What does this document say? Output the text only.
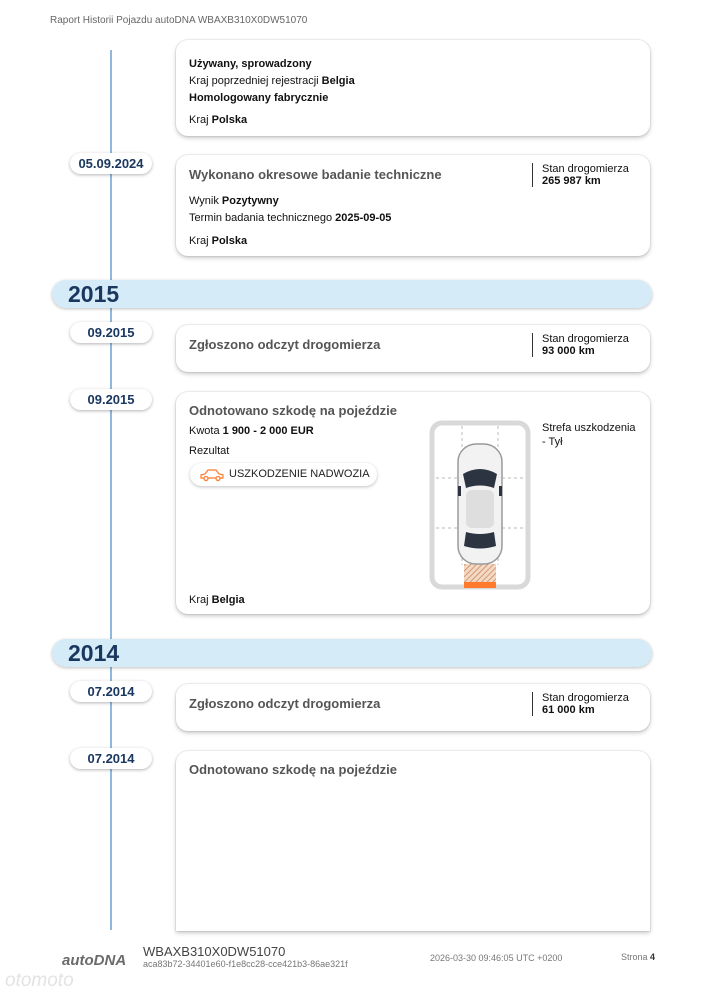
Raport Historii Pojazdu autoDNA WBAXB310X0DW51070
Używany, sprowadzony
Kraj poprzedniej rejestracji Belgia
Homologowany fabrycznie
Kraj Polska
05.09.2024
Wykonano okresowe badanie techniczne	Stan drogomierza
265 987 km
Wynik Pozytywny
Termin badania technicznego 2025-09-05
Kraj Polska
2015
09.2015
Zgłoszono odczyt drogomierza	Stan drogomierza
93 000 km
09.2015
Odnotowano szkodę na pojeździe
Kwota 1 900 - 2 000 EUR
Rezultat
USZKODZENIE NADWOZIA
Strefa uszkodzenia
- Tył
Kraj Belgia
2014
07.2014
Zgłoszono odczyt drogomierza	Stan drogomierza
61 000 km
07.2014
Odnotowano szkodę na pojeździe
autoDNA
WBAXB310X0DW51070
aca83b72-34401e60-f1e8cc28-cce421b3-86ae321f
2026-03-30 09:46:05 UTC +0200	Strona 4
otomoto
